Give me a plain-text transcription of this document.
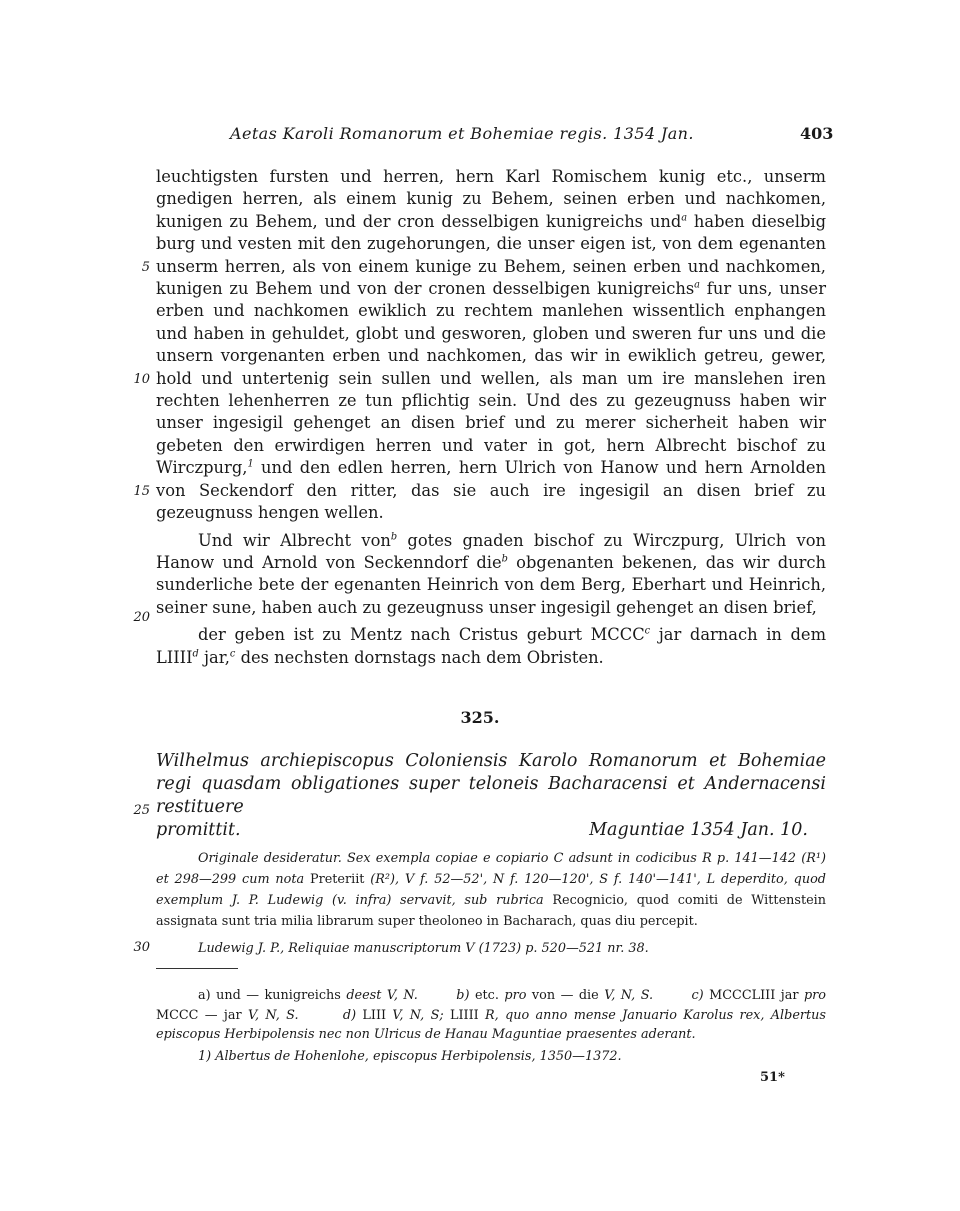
Aetas Karoli Romanorum et Bohemiae regis. 1354 Jan.	403
5
10
15
20
25
30

leuchtigsten fursten und herren, hern Karl Romischem kunig etc., unserm gnedigen herren, als einem kunig zu Behem, seinen erben und nachkomen, kunigen zu Behem, und der cron desselbigen kunigreichs und$^a$ haben dieselbig burg und vesten mit den zugehorungen, die unser eigen ist, von dem egenanten unserm herren, als von einem kunige zu Behem, seinen erben und nachkomen, kunigen zu Behem und von der cronen desselbigen kunigreichs$^a$ fur uns, unser erben und nachkomen ewiklich zu rechtem manlehen wissentlich enphangen und haben in gehuldet, globt und gesworen, globen und sweren fur uns und die unsern vorgenanten erben und nachkomen, das wir in ewiklich getreu, gewer, hold und untertenig sein sullen und wellen, als man um ire manslehen iren rechten lehenherren ze tun pflichtig sein. Und des zu gezeugnuss haben wir unser ingesigil gehenget an disen brief und zu merer sicherheit haben wir gebeten den erwirdigen herren und vater in got, hern Albrecht bischof zu Wirczpurg,$^1$ und den edlen herren, hern Ulrich von Hanow und hern Arnolden von Seckendorf den ritter, das sie auch ire ingesigil an disen brief zu gezeugnuss hengen wellen.

Und wir Albrecht von$^b$ gotes gnaden bischof zu Wirczpurg, Ulrich von Hanow und Arnold von Seckenndorf die$^b$ obgenanten bekenen, das wir durch sunderliche bete der egenanten Heinrich von dem Berg, Eberhart und Heinrich, seiner sune, haben auch zu gezeugnuss unser ingesigil gehenget an disen brief,

der geben ist zu Mentz nach Cristus geburt MCCC$^c$ jar darnach in dem LIIII$^d$ jar,$^c$ des nechsten dornstags nach dem Obristen.

325.
Wilhelmus archiepiscopus Coloniensis Karolo Romanorum et Bohemiae regi quasdam obligationes super teloneis Bacharacensi et Andernacensi restituere
promittit.	Maguntiae 1354 Jan. 10.

Originale desideratur. Sex exempla copiae e copiario C adsunt in codicibus R p. 141—142 (R¹) et 298—299 cum nota Preteriit (R²), V f. 52—52', N f. 120—120', S f. 140'—141', L deperdito, quod exemplum J. P. Ludewig (v. infra) servavit, sub rubrica Recognicio, quod comiti de Wittenstein assignata sunt tria milia librarum super theoloneo in Bacharach, quas diu percepit.

Ludewig J. P., Reliquiae manuscriptorum V (1723) p. 520—521 nr. 38.

a) und — kunigreichs deest V, N.	b) etc. pro von — die V, N, S.	c) MCCCLIII jar pro MCCC — jar V, N, S.	d) LIII V, N, S; LIIII R, quo anno mense Januario Karolus rex, Albertus episcopus Herbipolensis nec non Ulricus de Hanau Maguntiae praesentes aderant.
1) Albertus de Hohenlohe, episcopus Herbipolensis, 1350—1372.
51*
